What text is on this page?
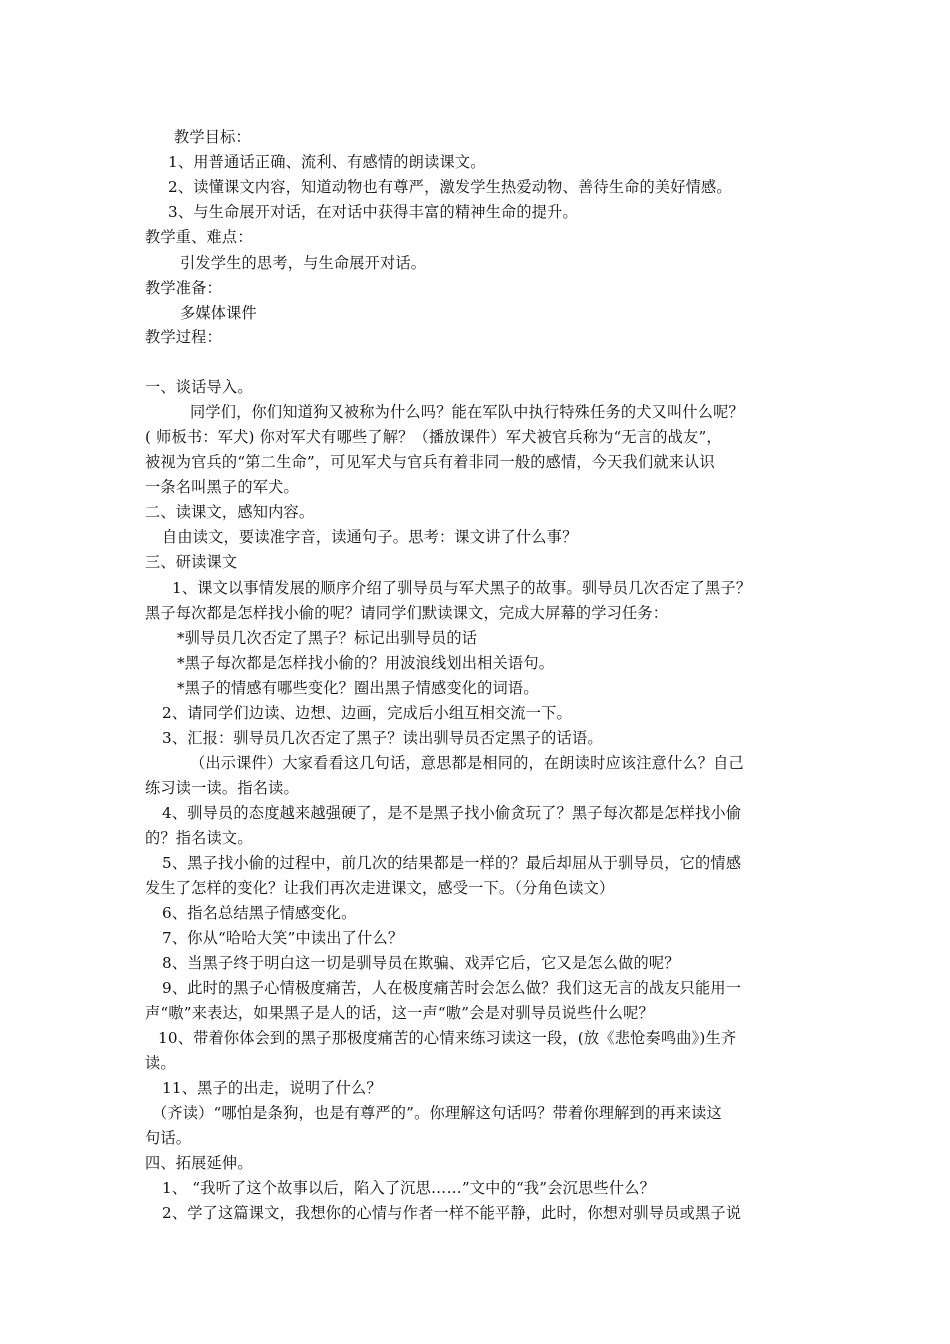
教学目标：
1、用普通话正确、流利、有感情的朗读课文。
2、读懂课文内容，知道动物也有尊严，激发学生热爱动物、善待生命的美好情感。
3、与生命展开对话，在对话中获得丰富的精神生命的提升。
教学重、难点：
引发学生的思考，与生命展开对话。
教学准备：
多媒体课件
教学过程：
一、谈话导入。
同学们，你们知道狗又被称为什么吗？能在军队中执行特殊任务的犬又叫什么呢？
( 师板书：军犬) 你对军犬有哪些了解？（播放课件）军犬被官兵称为“无言的战友”，
被视为官兵的“第二生命”，可见军犬与官兵有着非同一般的感情，今天我们就来认识
一条名叫黑子的军犬。
二、读课文，感知内容。
自由读文，要读准字音，读通句子。思考：课文讲了什么事？
三、研读课文
1、课文以事情发展的顺序介绍了驯导员与军犬黑子的故事。驯导员几次否定了黑子？
黑子每次都是怎样找小偷的呢？请同学们默读课文，完成大屏幕的学习任务：
*驯导员几次否定了黑子？标记出驯导员的话
*黑子每次都是怎样找小偷的？用波浪线划出相关语句。
*黑子的情感有哪些变化？圈出黑子情感变化的词语。
2、请同学们边读、边想、边画，完成后小组互相交流一下。
3、汇报：驯导员几次否定了黑子？读出驯导员否定黑子的话语。
（出示课件）大家看看这几句话，意思都是相同的，在朗读时应该注意什么？自己
练习读一读。指名读。
4、驯导员的态度越来越强硬了，是不是黑子找小偷贪玩了？黑子每次都是怎样找小偷
的？指名读文。
5、黑子找小偷的过程中，前几次的结果都是一样的？最后却屈从于驯导员，它的情感
发生了怎样的变化？让我们再次走进课文，感受一下。（分角色读文）
6、指名总结黑子情感变化。
7、你从“哈哈大笑”中读出了什么？
8、当黑子终于明白这一切是驯导员在欺骗、戏弄它后，它又是怎么做的呢？
9、此时的黑子心情极度痛苦，人在极度痛苦时会怎么做？我们这无言的战友只能用一
声“嗷”来表达，如果黑子是人的话，这一声“嗷”会是对驯导员说些什么呢？
10、带着你体会到的黑子那极度痛苦的心情来练习读这一段，(放《悲怆奏鸣曲》)生齐
读。
11、黑子的出走，说明了什么？
（齐读）“哪怕是条狗，也是有尊严的”。你理解这句话吗？带着你理解到的再来读这
句话。
四、拓展延伸。
1、 “我听了这个故事以后，陷入了沉思……”文中的“我”会沉思些什么？
2、学了这篇课文，我想你的心情与作者一样不能平静，此时，你想对驯导员或黑子说
